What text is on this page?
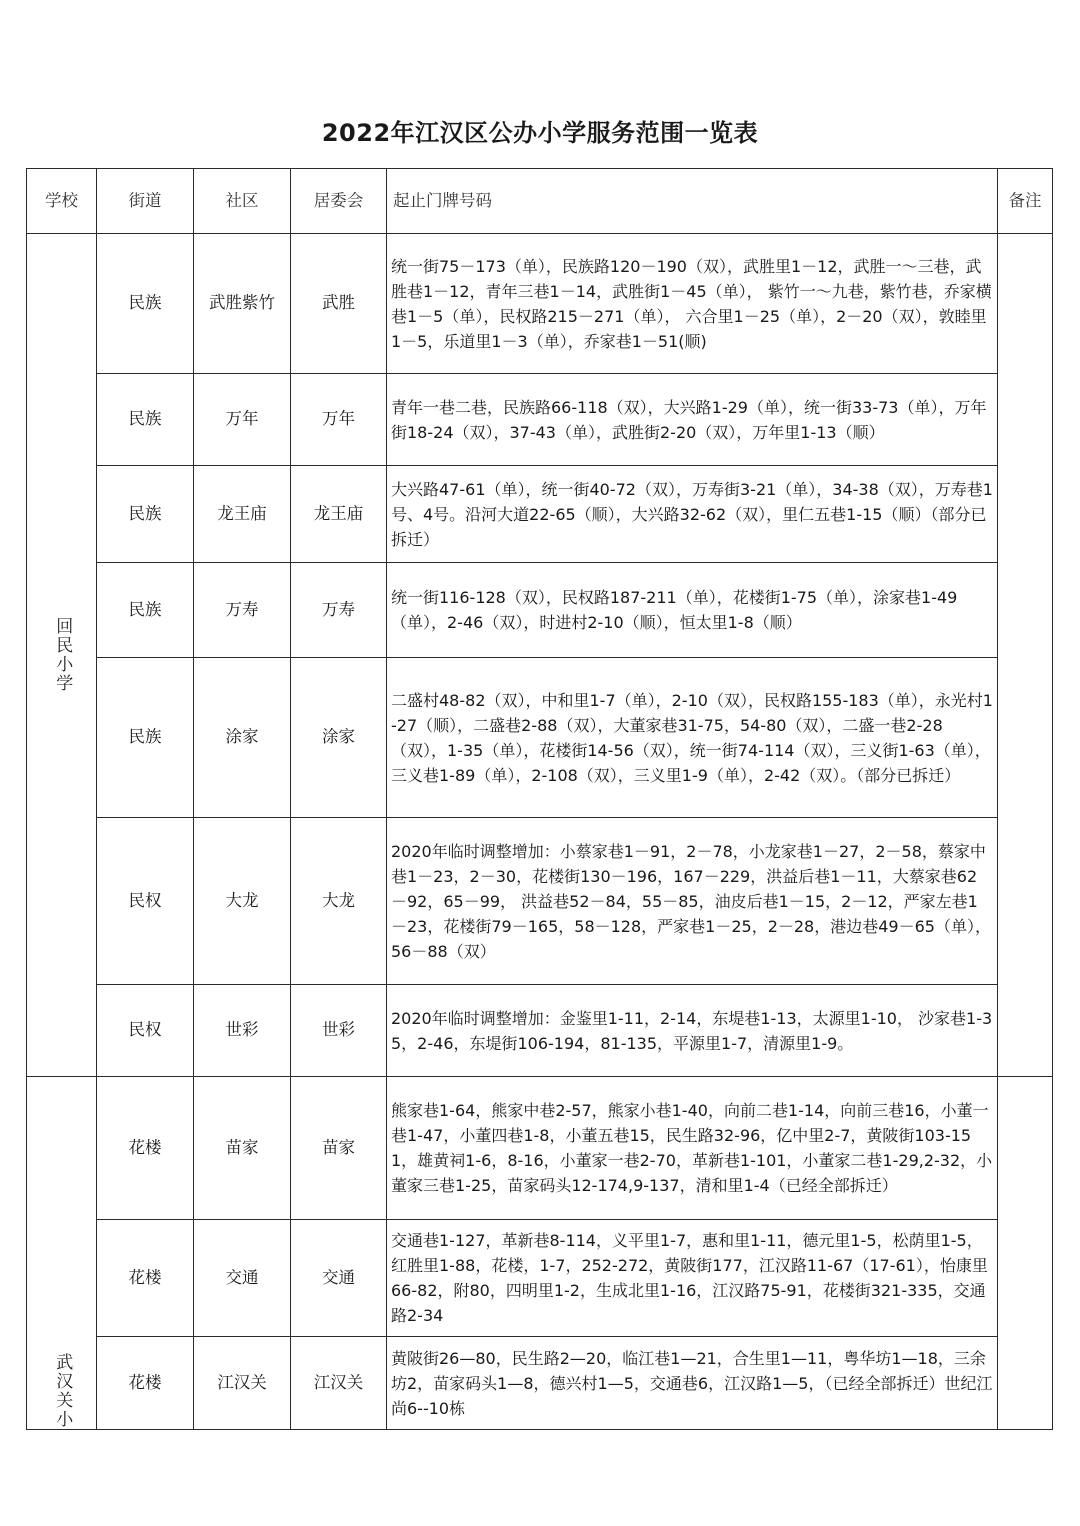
2022年江汉区公办小学服务范围一览表
学校	街道	社区	居委会	起止门牌号码	备注

回民小学	民族	武胜紫竹	武胜	统一街75－173（单），民族路120－190（双），武胜里1－12，武胜一～三巷，武胜巷1－12，青年三巷1－14，武胜街1－45（单）， 紫竹一～九巷，紫竹巷，乔家横巷1－5（单），民权路215－271（单）， 六合里1－25（单），2－20（双），敦睦里1－5，乐道里1－3（单），乔家巷1－51(顺)	
	民族	万年	万年	青年一巷二巷，民族路66-118（双），大兴路1-29（单），统一街33-73（单），万年街18-24（双），37-43（单），武胜街2-20（双），万年里1-13（顺）	
	民族	龙王庙	龙王庙	大兴路47-61（单），统一街40-72（双），万寿街3-21（单），34-38（双），万寿巷1号、4号。沿河大道22-65（顺），大兴路32-62（双），里仁五巷1-15（顺）（部分已拆迁）	
	民族	万寿	万寿	统一街116-128（双），民权路187-211（单），花楼街1-75（单），涂家巷1-49（单），2-46（双），时进村2-10（顺），恒太里1-8（顺）	
	民族	涂家	涂家	二盛村48-82（双），中和里1-7（单），2-10（双），民权路155-183（单），永光村1-27（顺），二盛巷2-88（双），大董家巷31-75，54-80（双），二盛一巷2-28（双），1-35（单），花楼街14-56（双），统一街74-114（双），三义街1-63（单），三义巷1-89（单），2-108（双），三义里1-9（单），2-42（双）。（部分已拆迁）	
	民权	大龙	大龙	2020年临时调整增加：小蔡家巷1－91，2－78，小龙家巷1－27，2－58，蔡家中巷1－23，2－30，花楼街130－196，167－229，洪益后巷1－11，大蔡家巷62－92，65－99， 洪益巷52－84，55－85，油皮后巷1－15，2－12，严家左巷1－23，花楼街79－165，58－128，严家巷1－25，2－28，港边巷49－65（单），56－88（双）	
	民权	世彩	世彩	2020年临时调整增加：金鉴里1-11，2-14，东堤巷1-13，太源里1-10， 沙家巷1-35，2-46，东堤街106-194，81-135，平源里1-7，清源里1-9。	

武汉关小	花楼	苗家	苗家	熊家巷1-64，熊家中巷2-57，熊家小巷1-40，向前二巷1-14，向前三巷16，小董一巷1-47，小董四巷1-8，小董五巷15，民生路32-96，亿中里2-7，黄陂街103-151，雄黄祠1-6，8-16，小董家一巷2-70，革新巷1-101，小董家二巷1-29,2-32，小董家三巷1-25，苗家码头12-174,9-137，清和里1-4（已经全部拆迁）	
	花楼	交通	交通	交通巷1-127，革新巷8-114，义平里1-7，惠和里1-11，德元里1-5，松荫里1-5，红胜里1-88，花楼，1-7，252-272，黄陂街177，江汉路11-67（17-61），怡康里66-82，附80，四明里1-2，生成北里1-16，江汉路75-91，花楼街321-335，交通路2-34	
	花楼	江汉关	江汉关	黄陂街26—80，民生路2—20，临江巷1—21，合生里1—11，粤华坊1—18，三余坊2，苗家码头1—8，德兴村1—5，交通巷6，江汉路1—5，（已经全部拆迁）世纪江尚6--10栋	
